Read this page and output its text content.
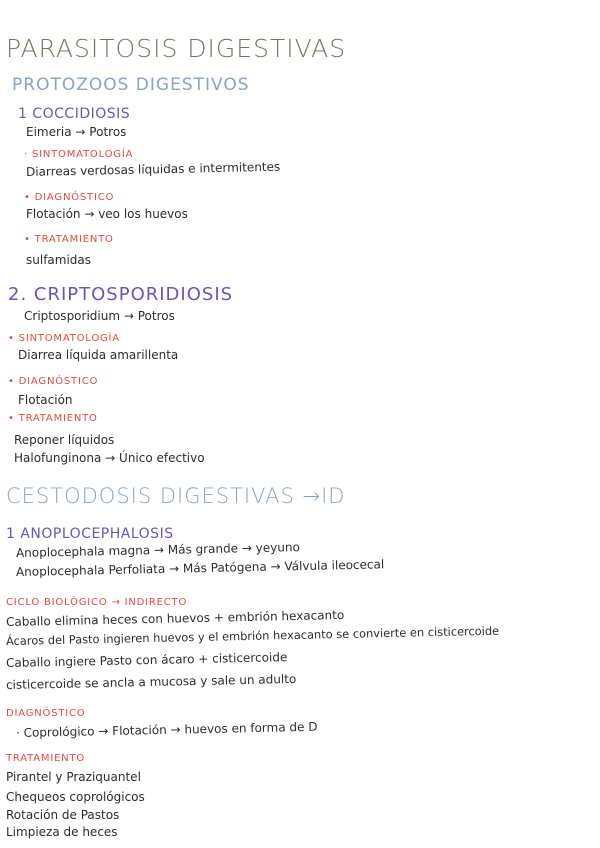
PARASITOSIS DIGESTIVAS
PROTOZOOS DIGESTIVOS
1 COCCIDIOSIS
Eimeria → Potros
· SINTOMATOLOGÍA
Diarreas verdosas líquidas e intermitentes
• DIAGNÓSTICO
Flotación → veo los huevos
• TRATAMIENTO
sulfamidas
2. CRIPTOSPORIDIOSIS
Criptosporidium → Potros
• SINTOMATOLOGÍA
Diarrea líquida amarillenta
• DIAGNÓSTICO
Flotación
• TRATAMIENTO
Reponer líquidos
Halofunginona → Único efectivo
CESTODOSIS DIGESTIVAS →ID
1 ANOPLOCEPHALOSIS
Anoplocephala magna → Más grande → yeyuno
Anoplocephala Perfoliata → Más Patógena → Válvula ileocecal
CICLO BIOLÓGICO → INDIRECTO
Caballo elimina heces con huevos + embrión hexacanto
Ácaros del Pasto ingieren huevos y el embrión hexacanto se convierte en cisticercoide
Caballo ingiere Pasto con ácaro + cisticercoide
cisticercoide se ancla a mucosa y sale un adulto
DIAGNÓSTICO
· Coprológico → Flotación → huevos en forma de D
TRATAMIENTO
Pirantel y Praziquantel
Chequeos coprológicos
Rotación de Pastos
Limpieza de heces
